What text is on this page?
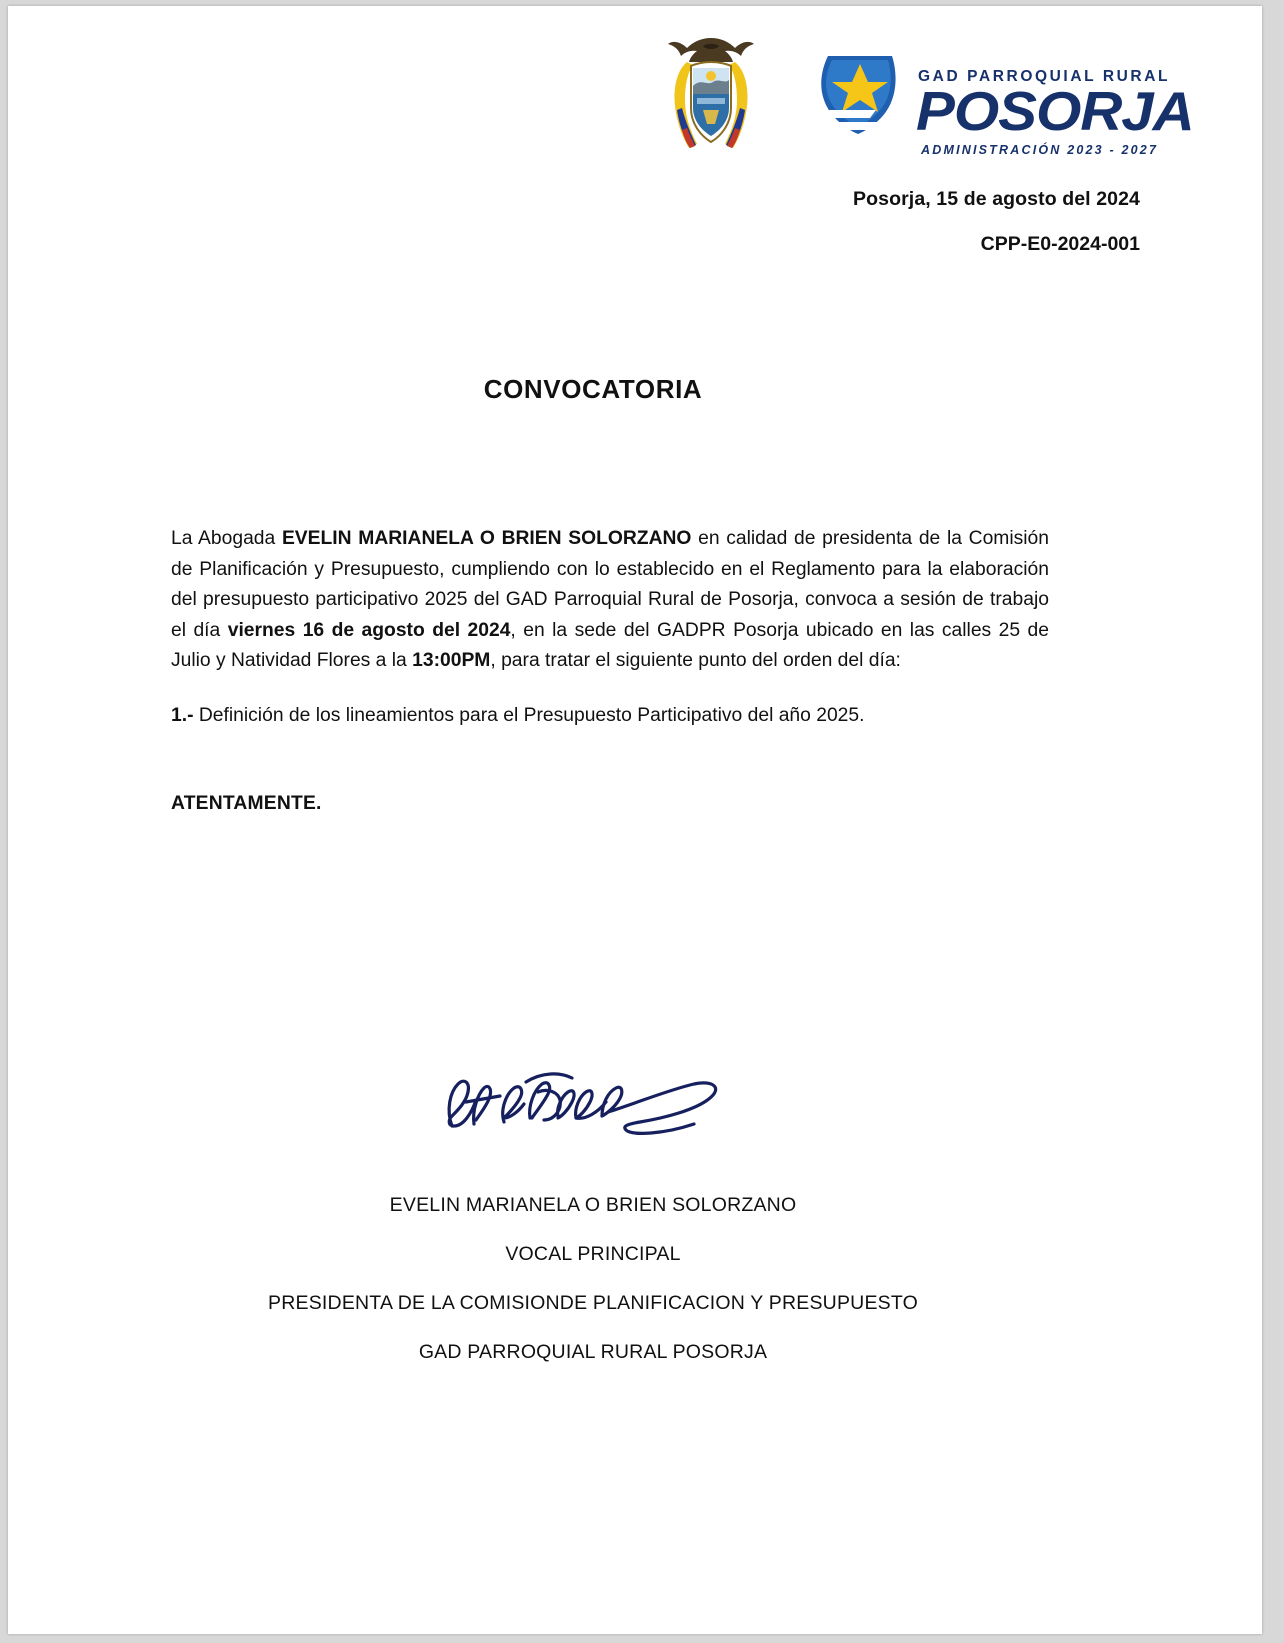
GAD PARROQUIAL RURAL
POSORJA
ADMINISTRACIÓN 2023 - 2027
Posorja, 15 de agosto del 2024
CPP-E0-2024-001
CONVOCATORIA

La Abogada EVELIN MARIANELA O BRIEN SOLORZANO en calidad de presidenta de la Comisión de Planificación y Presupuesto, cumpliendo con lo establecido en el Reglamento para la elaboración del presupuesto participativo 2025 del GAD Parroquial Rural de Posorja, convoca a sesión de trabajo el día viernes 16 de agosto del 2024, en la sede del GADPR Posorja ubicado en las calles 25 de Julio y Natividad Flores a la 13:00PM, para tratar el siguiente punto del orden del día:

1.- Definición de los lineamientos para el Presupuesto Participativo del año 2025.
ATENTAMENTE.
EVELIN MARIANELA O BRIEN SOLORZANO
VOCAL PRINCIPAL
PRESIDENTA DE LA COMISIONDE PLANIFICACION Y PRESUPUESTO
GAD PARROQUIAL RURAL POSORJA
